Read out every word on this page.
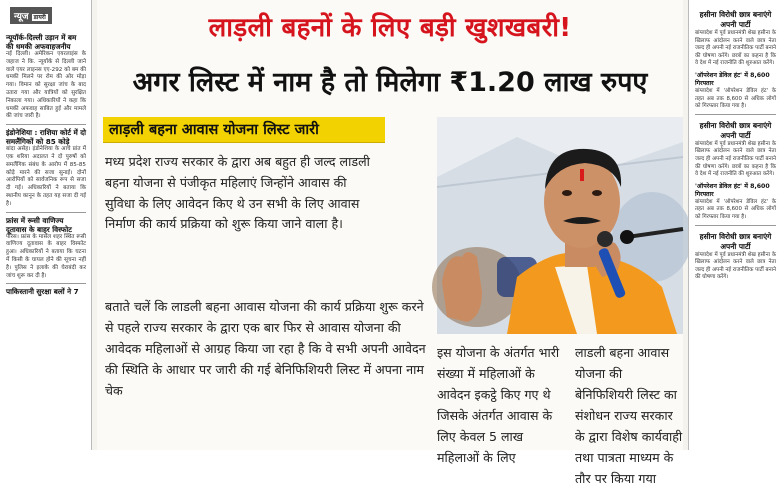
न्यूज डायरी
न्यूयॉर्क-दिल्ली उड़ान में बम की धमकी अफवाहजनीय
नई दिल्ली। अमेरिकन एयरलाइंस के जहाज ने कि. न्यूयॉर्क से दिल्ली जाने वाले एयर लाइनस एए-292 को बम की धमकी मिलने पर रोम की ओर मोड़ा गया। विमान को सुरक्षा जांच के बाद उतारा गया और यात्रियों को सुरक्षित निकाला गया। अधिकारियों ने कहा कि धमकी अफवाह साबित हुई और मामले की जांच जारी है।
इंडोनेशिया : राशिया कोर्ट में दो समलैंगिकों को 85 कोड़े
बांदा असेह। इंडोनेशिया के आचे प्रांत में एक शरिया अदालत ने दो पुरुषों को समलैंगिक संबंध के आरोप में 85-85 कोड़े मारने की सजा सुनाई। दोनों आरोपियों को सार्वजनिक रूप से सजा दी गई। अधिकारियों ने बताया कि स्थानीय कानून के तहत यह सजा दी गई है।
फ्रांस में रूसी वाणिज्य दूतावास के बाहर विस्फोट
पेरिस। फ्रांस के मार्सेल शहर स्थित रूसी वाणिज्य दूतावास के बाहर विस्फोट हुआ। अधिकारियों ने बताया कि घटना में किसी के घायल होने की सूचना नहीं है। पुलिस ने इलाके की घेराबंदी कर जांच शुरू कर दी है।
पाकिस्तानी सुरक्षा बलों ने 7
लाड़ली बहनों के लिए बड़ी खुशखबरी!
अगर लिस्ट में नाम है तो मिलेगा ₹1.20 लाख रुपए
लाड़ली बहना आवास योजना लिस्ट जारी
मध्य प्रदेश राज्य सरकार के द्वारा अब बहुत ही जल्द लाडली बहना योजना से पंजीकृत महिलाएं जिन्होंने आवास की सुविधा के लिए आवेदन किए थे उन सभी के लिए आवास निर्माण की कार्य प्रक्रिया को शुरू किया जाने वाला है।
बताते चलें कि लाडली बहना आवास योजना की कार्य प्रक्रिया शुरू करने से पहले राज्य सरकार के द्वारा एक बार फिर से आवास योजना की आवेदक महिलाओं से आग्रह किया जा रहा है कि वे सभी अपनी आवेदन की स्थिति के आधार पर जारी की गई बेनिफिशियरी लिस्ट में अपना नाम चेक
इस योजना के अंतर्गत भारी संख्या में महिलाओं के आवेदन इकट्ठे किए गए थे जिसके अंतर्गत आवास के लिए केवल 5 लाख महिलाओं के लिए
लाडली बहना आवास योजना की बेनिफिशियरी लिस्ट का संशोधन राज्य सरकार के द्वारा विशेष कार्यवाही तथा पात्रता माध्यम के तौर पर किया गया
हसीना विरोधी छात्र बनाएंगे अपनी पार्टी
बांग्लादेश में पूर्व प्रधानमंत्री शेख हसीना के खिलाफ आंदोलन करने वाले छात्र नेता जल्द ही अपनी नई राजनीतिक पार्टी बनाने की घोषणा करेंगे। छात्रों का कहना है कि वे देश में नई राजनीति की शुरुआत करेंगे।
'ऑपरेशन डेविल हंट' में 8,600 गिरफ्तार
बांग्लादेश में 'ऑपरेशन डेविल हंट' के तहत अब तक 8,600 से अधिक लोगों को गिरफ्तार किया गया है।
हसीना विरोधी छात्र बनाएंगे अपनी पार्टी
बांग्लादेश में पूर्व प्रधानमंत्री शेख हसीना के खिलाफ आंदोलन करने वाले छात्र नेता जल्द ही अपनी नई राजनीतिक पार्टी बनाने की घोषणा करेंगे। छात्रों का कहना है कि वे देश में नई राजनीति की शुरुआत करेंगे।
'ऑपरेशन डेविल हंट' में 8,600 गिरफ्तार
बांग्लादेश में 'ऑपरेशन डेविल हंट' के तहत अब तक 8,600 से अधिक लोगों को गिरफ्तार किया गया है।
हसीना विरोधी छात्र बनाएंगे अपनी पार्टी
बांग्लादेश में पूर्व प्रधानमंत्री शेख हसीना के खिलाफ आंदोलन करने वाले छात्र नेता जल्द ही अपनी नई राजनीतिक पार्टी बनाने की घोषणा करेंगे।
